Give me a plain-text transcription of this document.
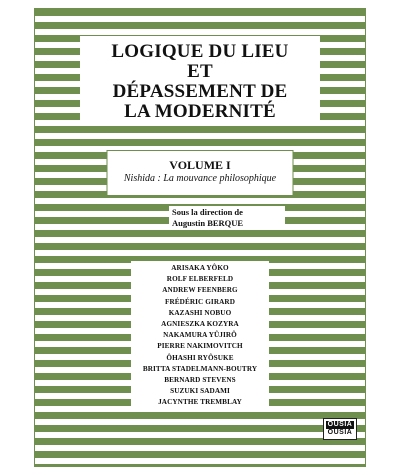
LOGIQUE DU LIEU
ET
DÉPASSEMENT DE
LA MODERNITÉ
VOLUME I
Nishida : La mouvance philosophique
Sous la direction de
Augustin BERQUE
ARISAKA YÔKO
ROLF ELBERFELD
ANDREW FEENBERG
FRÉDÉRIC GIRARD
KAZASHI NOBUO
AGNIESZKA KOZYRA
NAKAMURA YÛJIRÔ
PIERRE NAKIMOVITCH
ÔHASHI RYÔSUKE
BRITTA STADELMANN-BOUTRY
BERNARD STEVENS
SUZUKI SADAMI
JACYNTHE TREMBLAY
OUSIA
OUSIA
